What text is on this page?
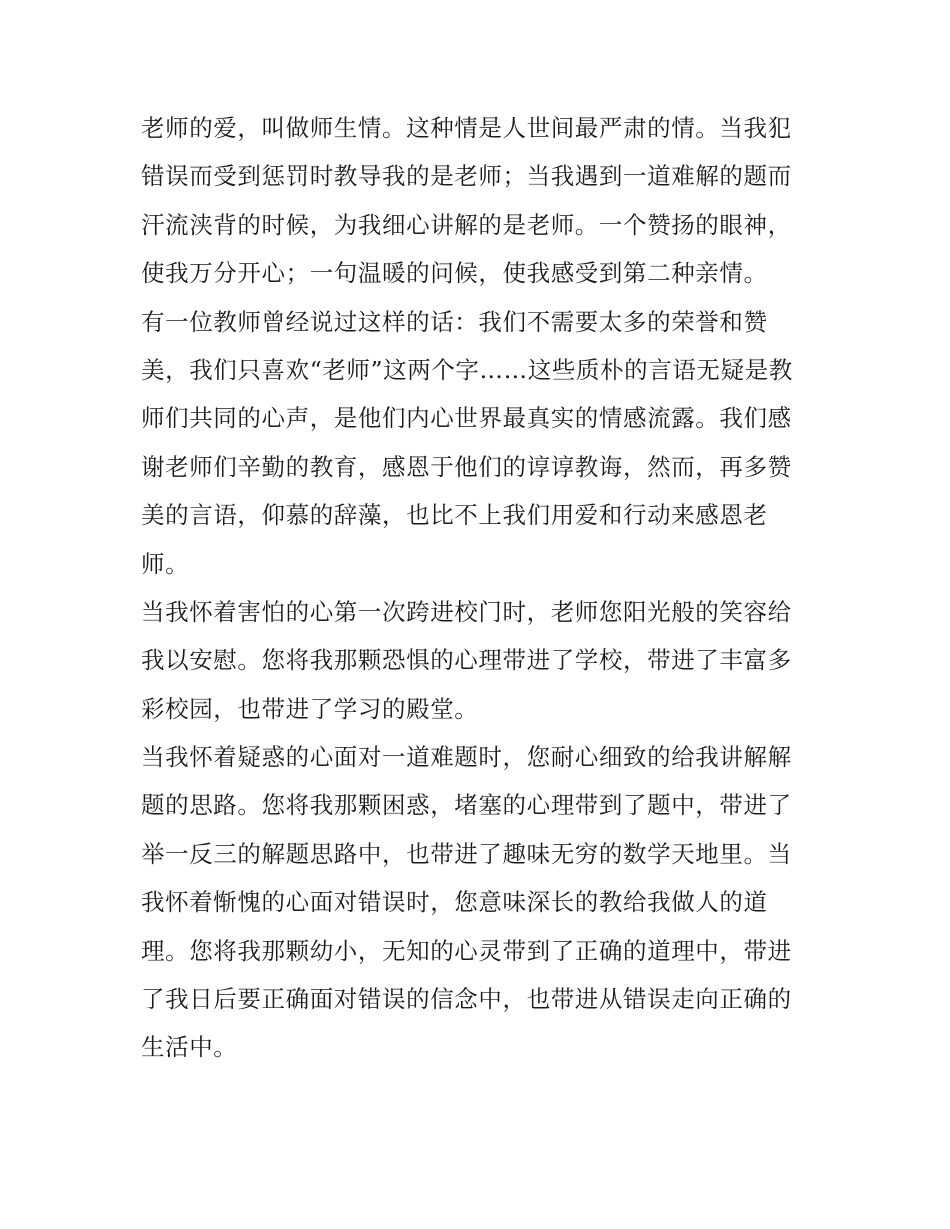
老师的爱，叫做师生情。这种情是人世间最严肃的情。当我犯
错误而受到惩罚时教导我的是老师；当我遇到一道难解的题而
汗流浃背的时候，为我细心讲解的是老师。一个赞扬的眼神，
使我万分开心；一句温暖的问候，使我感受到第二种亲情。
有一位教师曾经说过这样的话：我们不需要太多的荣誉和赞
美，我们只喜欢“老师”这两个字……这些质朴的言语无疑是教
师们共同的心声，是他们内心世界最真实的情感流露。我们感
谢老师们辛勤的教育，感恩于他们的谆谆教诲，然而，再多赞
美的言语，仰慕的辞藻，也比不上我们用爱和行动来感恩老
师。
当我怀着害怕的心第一次跨进校门时，老师您阳光般的笑容给
我以安慰。您将我那颗恐惧的心理带进了学校，带进了丰富多
彩校园，也带进了学习的殿堂。
当我怀着疑惑的心面对一道难题时，您耐心细致的给我讲解解
题的思路。您将我那颗困惑，堵塞的心理带到了题中，带进了
举一反三的解题思路中，也带进了趣味无穷的数学天地里。当
我怀着惭愧的心面对错误时，您意味深长的教给我做人的道
理。您将我那颗幼小，无知的心灵带到了正确的道理中，带进
了我日后要正确面对错误的信念中，也带进从错误走向正确的
生活中。
